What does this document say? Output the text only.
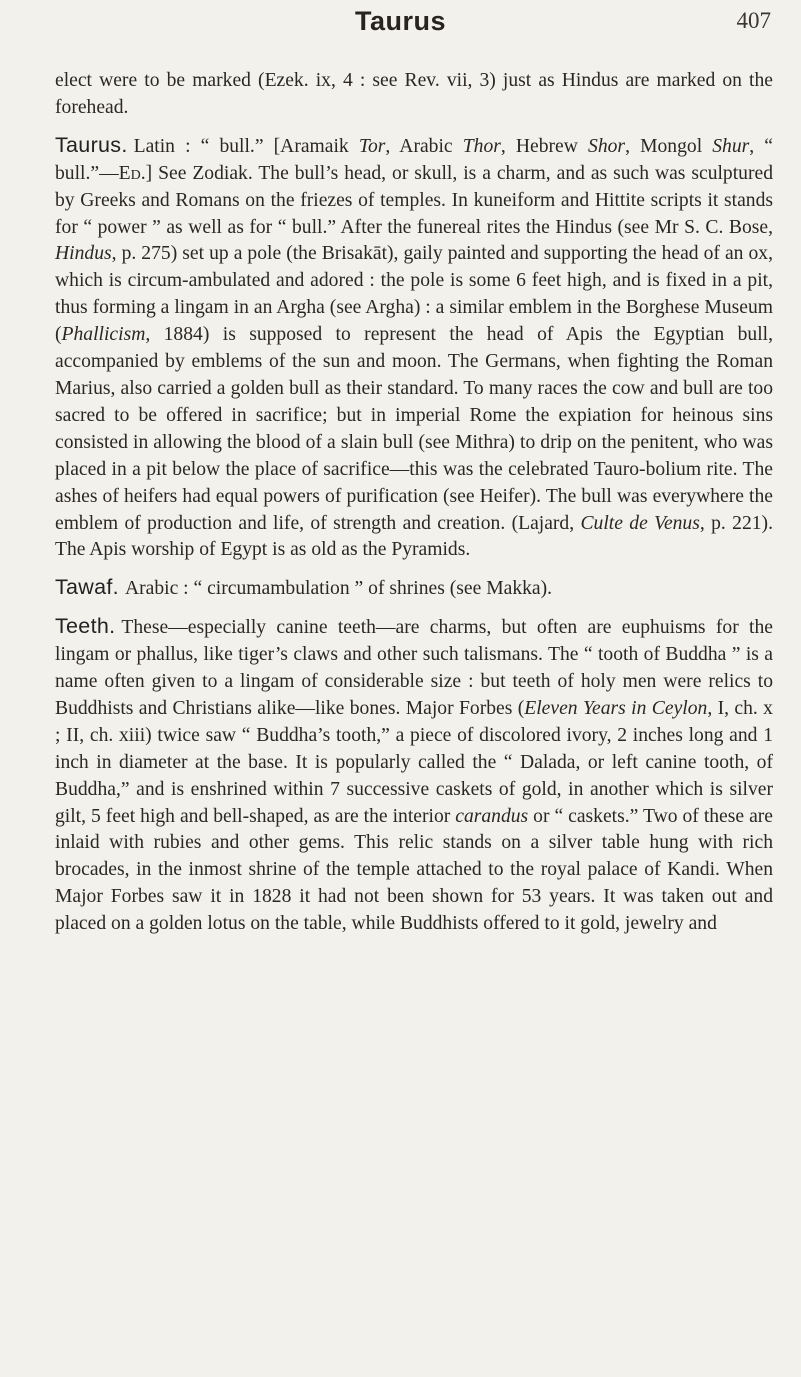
Taurus	407

elect were to be marked (Ezek. ix, 4 : see Rev. vii, 3) just as Hindus are marked on the forehead.

Taurus. Latin : “ bull.” [Aramaik Tor, Arabic Thor, Hebrew Shor, Mongol Shur, “ bull.”—Ed.] See Zodiak. The bull’s head, or skull, is a charm, and as such was sculptured by Greeks and Romans on the friezes of temples. In kuneiform and Hittite scripts it stands for “ power ” as well as for “ bull.” After the funereal rites the Hindus (see Mr S. C. Bose, Hindus, p. 275) set up a pole (the Brisakāt), gaily painted and supporting the head of an ox, which is circum-ambulated and adored : the pole is some 6 feet high, and is fixed in a pit, thus forming a lingam in an Argha (see Argha) : a similar emblem in the Borghese Museum (Phallicism, 1884) is supposed to represent the head of Apis the Egyptian bull, accompanied by emblems of the sun and moon. The Germans, when fighting the Roman Marius, also carried a golden bull as their standard. To many races the cow and bull are too sacred to be offered in sacrifice; but in imperial Rome the expiation for heinous sins consisted in allowing the blood of a slain bull (see Mithra) to drip on the penitent, who was placed in a pit below the place of sacrifice—this was the celebrated Tauro-bolium rite. The ashes of heifers had equal powers of purification (see Heifer). The bull was everywhere the emblem of production and life, of strength and creation. (Lajard, Culte de Venus, p. 221). The Apis worship of Egypt is as old as the Pyramids.

Tawaf. Arabic : “ circumambulation ” of shrines (see Makka).

Teeth. These—especially canine teeth—are charms, but often are euphuisms for the lingam or phallus, like tiger’s claws and other such talismans. The “ tooth of Buddha ” is a name often given to a lingam of considerable size : but teeth of holy men were relics to Buddhists and Christians alike—like bones. Major Forbes (Eleven Years in Ceylon, I, ch. x ; II, ch. xiii) twice saw “ Buddha’s tooth,” a piece of discolored ivory, 2 inches long and 1 inch in diameter at the base. It is popularly called the “ Dalada, or left canine tooth, of Buddha,” and is enshrined within 7 successive caskets of gold, in another which is silver gilt, 5 feet high and bell-shaped, as are the interior carandus or “ caskets.” Two of these are inlaid with rubies and other gems. This relic stands on a silver table hung with rich brocades, in the inmost shrine of the temple attached to the royal palace of Kandi. When Major Forbes saw it in 1828 it had not been shown for 53 years. It was taken out and placed on a golden lotus on the table, while Buddhists offered to it gold, jewelry and
